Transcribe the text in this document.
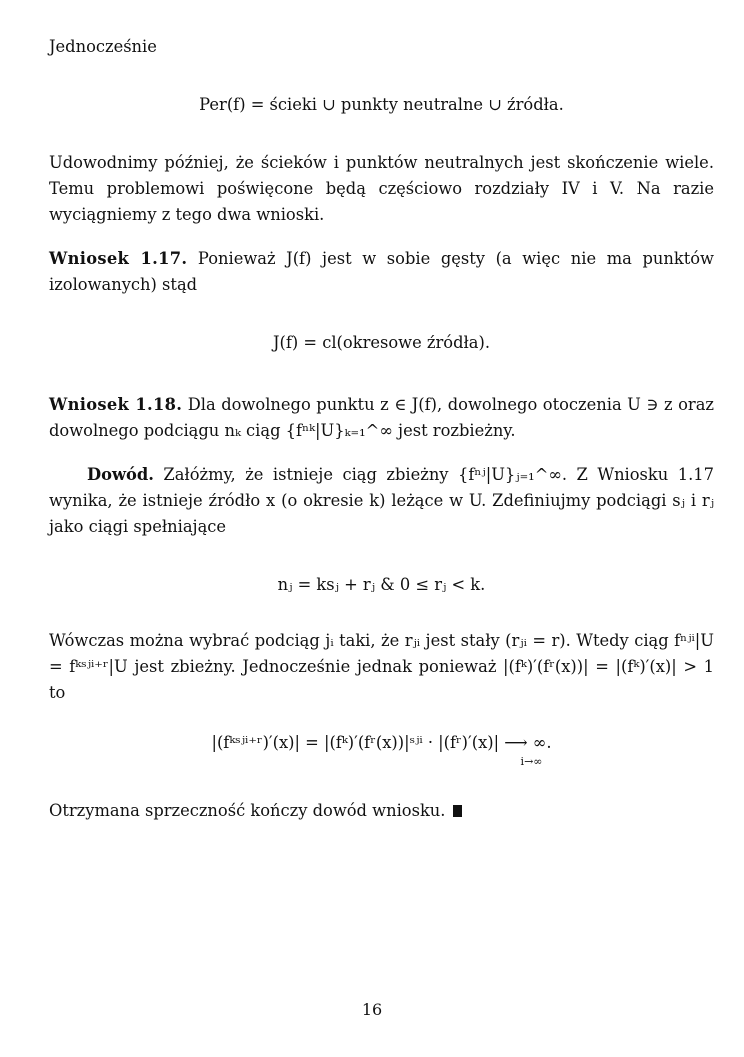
Jednocześnie
Per(f) = ścieki ∪ punkty neutralne ∪ źródła.
Udowodnimy później, że ścieków i punktów neutralnych jest skończenie wiele. Temu problemowi poświęcone będą częściowo rozdziały IV i V. Na razie wyciągniemy z tego dwa wnioski.
Wniosek 1.17. Ponieważ J(f) jest w sobie gęsty (a więc nie ma punktów izolowanych) stąd
J(f) = cl(okresowe źródła).
Wniosek 1.18. Dla dowolnego punktu z ∈ J(f), dowolnego otoczenia U ∋ z oraz dowolnego podciągu nₖ ciąg {fⁿᵏ|U}ₖ₌₁^∞ jest rozbieżny.
Dowód. Załóżmy, że istnieje ciąg zbieżny {fⁿʲ|U}ⱼ₌₁^∞. Z Wniosku 1.17 wynika, że istnieje źródło x (o okresie k) leżące w U. Zdefiniujmy podciągi sⱼ i rⱼ jako ciągi spełniające
nⱼ = ksⱼ + rⱼ & 0 ≤ rⱼ < k.
Wówczas można wybrać podciąg jᵢ taki, że rⱼᵢ jest stały (rⱼᵢ = r). Wtedy ciąg fⁿʲⁱ|U = fᵏˢʲⁱ⁺ʳ|U jest zbieżny. Jednocześnie jednak ponieważ |(fᵏ)′(fʳ(x))| = |(fᵏ)′(x)| > 1 to
|(fᵏˢʲⁱ⁺ʳ)′(x)| = |(fᵏ)′(fʳ(x))|ˢʲⁱ · |(fʳ)′(x)| ⟶ ∞.
i→∞
Otrzymana sprzeczność kończy dowód wniosku.
16
